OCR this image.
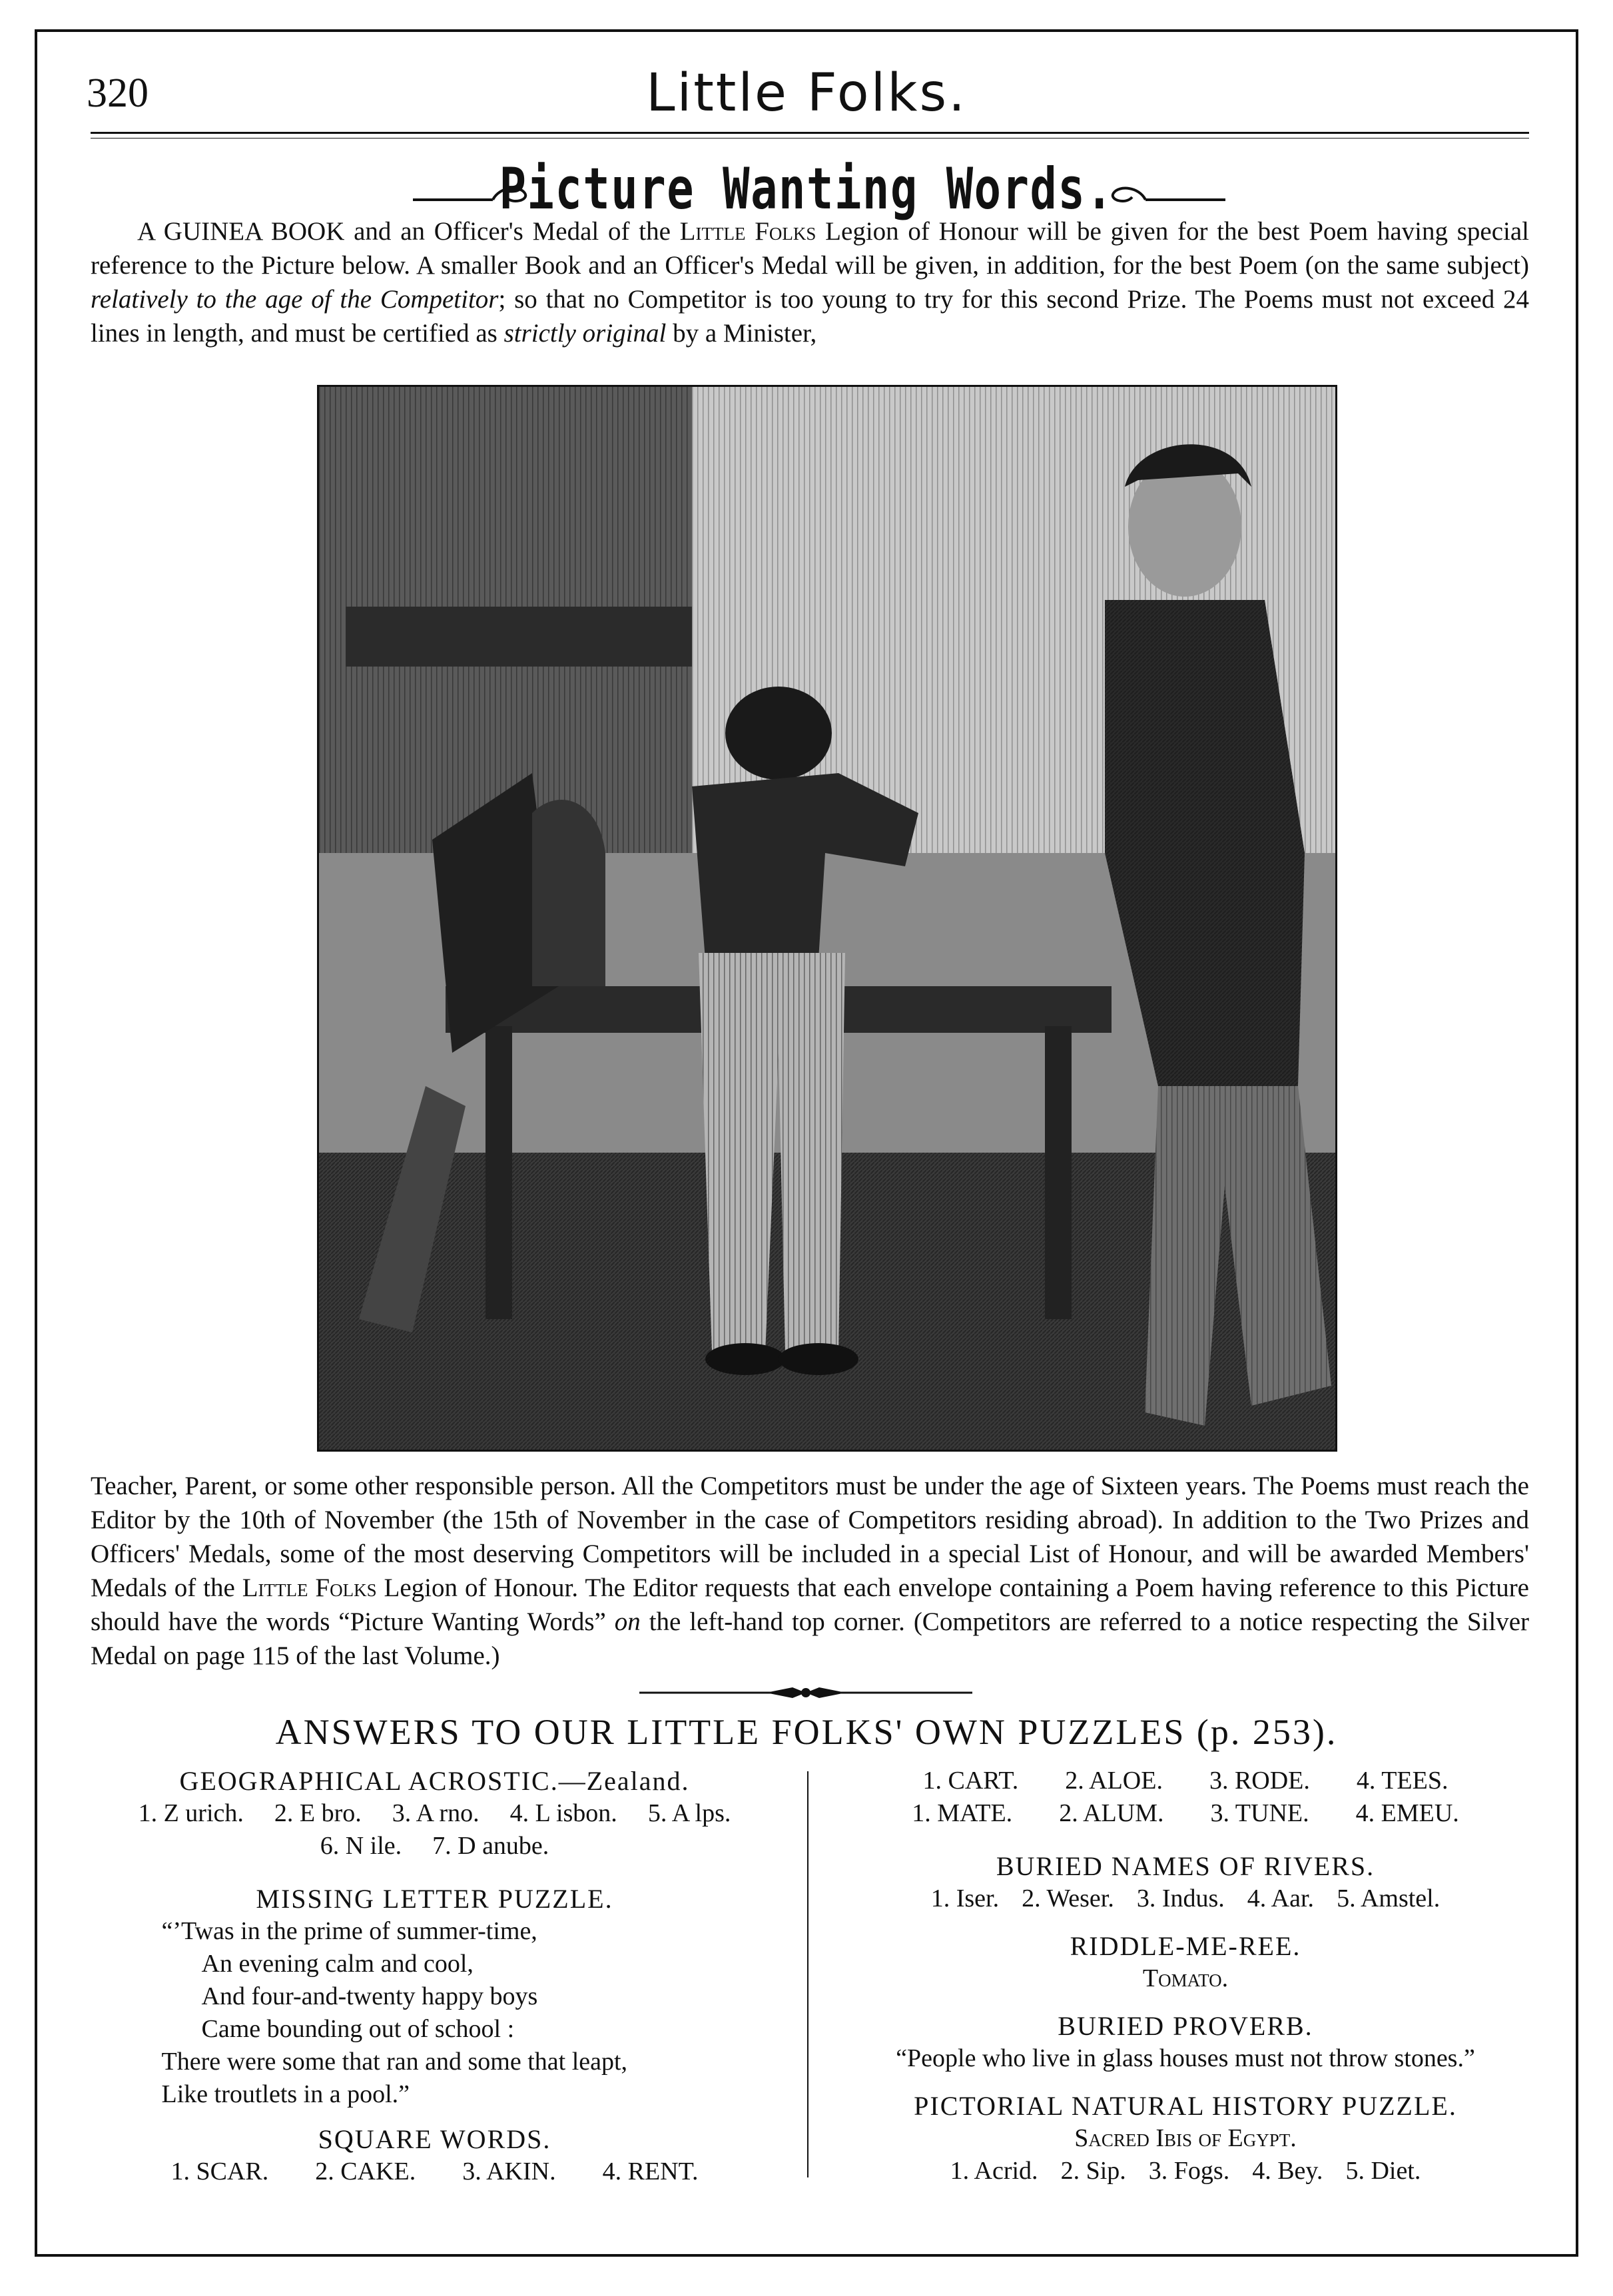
320	Little Folks.
Picture Wanting Words.
A GUINEA BOOK and an Officer's Medal of the Little Folks Legion of Honour will be given for the best Poem having special reference to the Picture below. A smaller Book and an Officer's Medal will be given, in addition, for the best Poem (on the same subject) relatively to the age of the Competitor; so that no Competitor is too young to try for this second Prize. The Poems must not exceed 24 lines in length, and must be certified as strictly original by a Minister,
Teacher, Parent, or some other responsible person. All the Competitors must be under the age of Sixteen years. The Poems must reach the Editor by the 10th of November (the 15th of November in the case of Competitors residing abroad). In addition to the Two Prizes and Officers' Medals, some of the most deserving Competitors will be included in a special List of Honour, and will be awarded Members' Medals of the Little Folks Legion of Honour. The Editor requests that each envelope containing a Poem having reference to this Picture should have the words “Picture Wanting Words” on the left-hand top corner. (Competitors are referred to a notice respecting the Silver Medal on page 115 of the last Volume.)
ANSWERS TO OUR LITTLE FOLKS' OWN PUZZLES (p. 253).
GEOGRAPHICAL ACROSTIC.—Zealand.
1. Z urich. 2. E bro. 3. A rno. 4. L isbon. 5. A lps.
6. N ile. 7. D anube.
MISSING LETTER PUZZLE.
“’Twas in the prime of summer-time,
An evening calm and cool,
And four-and-twenty happy boys
Came bounding out of school :
There were some that ran and some that leapt,
Like troutlets in a pool.”
SQUARE WORDS.
1. SCAR. 2. CAKE. 3. AKIN. 4. RENT.
1. CART. 2. ALOE. 3. RODE. 4. TEES.
1. MATE. 2. ALUM. 3. TUNE. 4. EMEU.
BURIED NAMES OF RIVERS.
1. Iser. 2. Weser. 3. Indus. 4. Aar. 5. Amstel.
RIDDLE-ME-REE.
Tomato.
BURIED PROVERB.
“People who live in glass houses must not throw stones.”
PICTORIAL NATURAL HISTORY PUZZLE.
Sacred Ibis of Egypt.
1. Acrid. 2. Sip. 3. Fogs. 4. Bey. 5. Diet.
